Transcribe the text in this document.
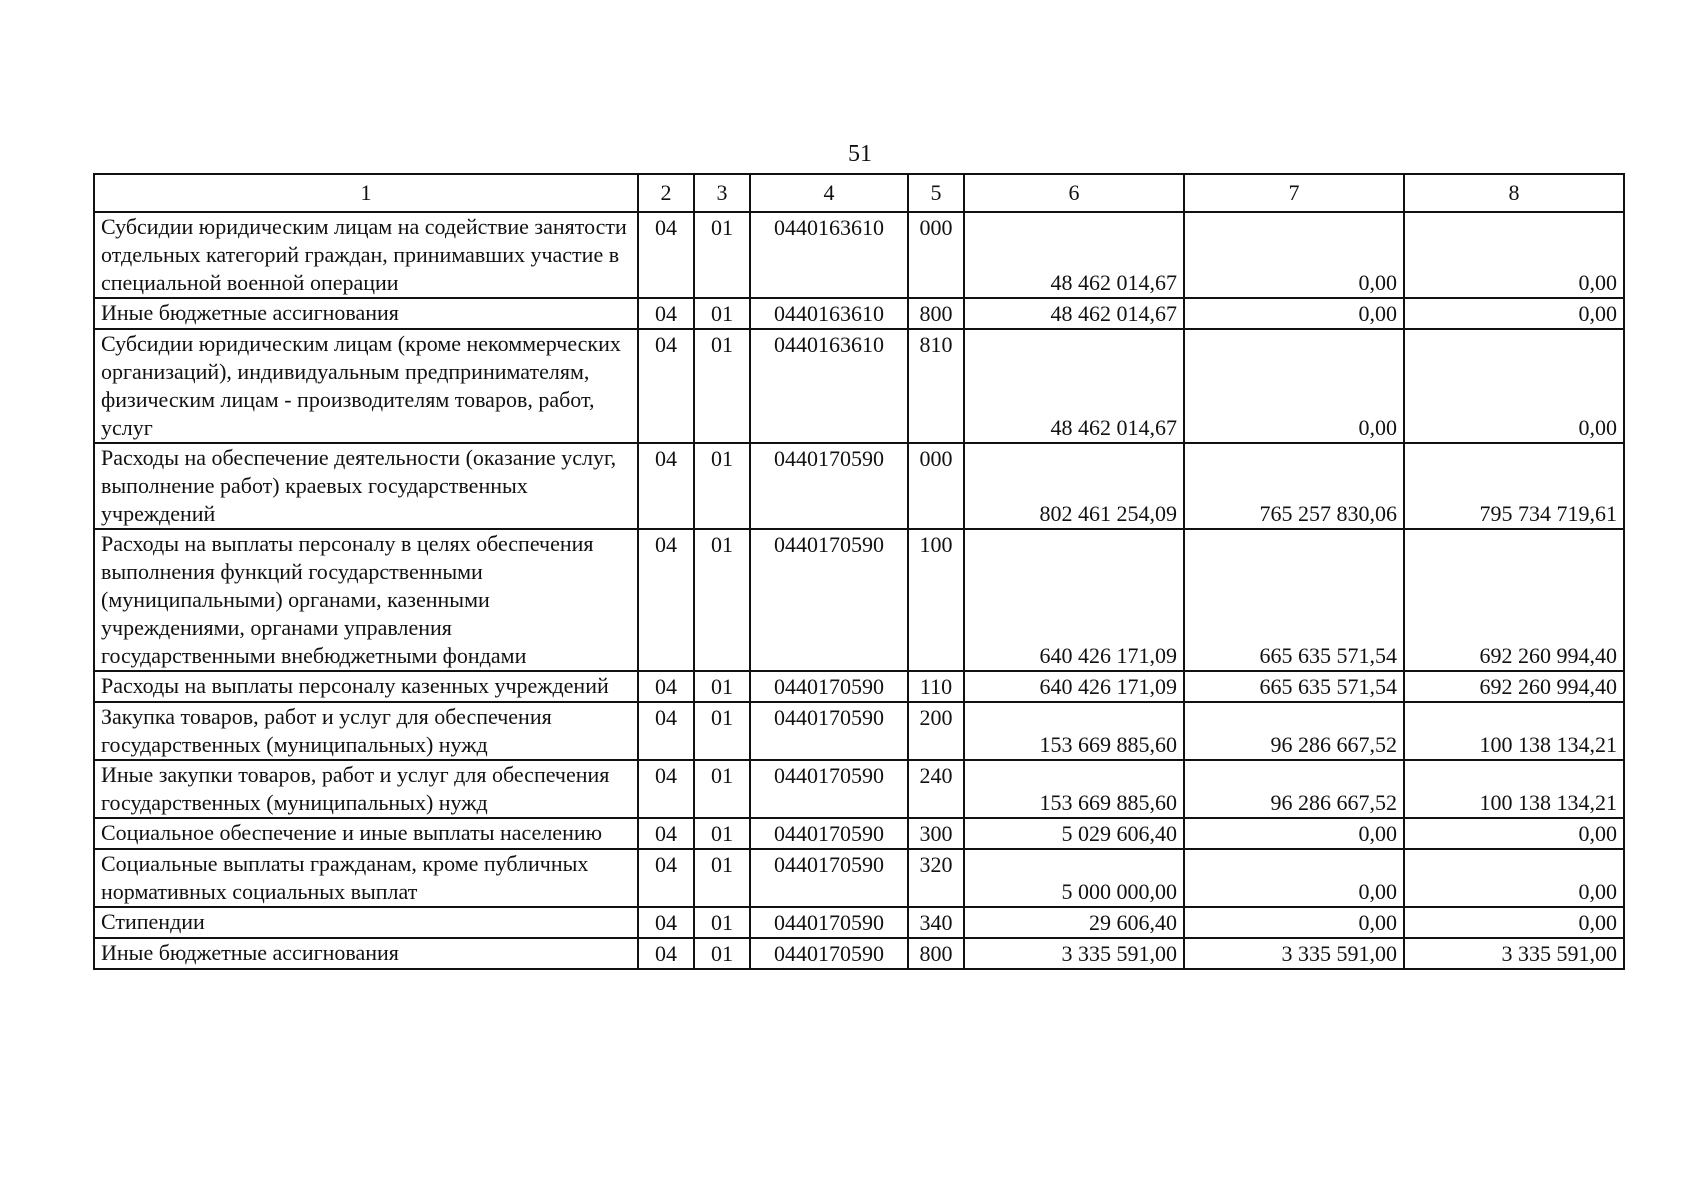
51
1	2	3	4	5	6	7	8
Субсидии юридическим лицам на содействие занятости отдельных категорий граждан, принимавших участие в специальной военной операции	04	01	0440163610	000	48 462 014,67	0,00	0,00
Иные бюджетные ассигнования	04	01	0440163610	800	48 462 014,67	0,00	0,00
Субсидии юридическим лицам (кроме некоммерческих организаций), индивидуальным предпринимателям, физическим лицам - производителям товаров, работ, услуг	04	01	0440163610	810	48 462 014,67	0,00	0,00
Расходы на обеспечение деятельности (оказание услуг, выполнение работ) краевых государственных учреждений	04	01	0440170590	000	802 461 254,09	765 257 830,06	795 734 719,61
Расходы на выплаты персоналу в целях обеспечения выполнения функций государственными (муниципальными) органами, казенными учреждениями, органами управления государственными внебюджетными фондами	04	01	0440170590	100	640 426 171,09	665 635 571,54	692 260 994,40
Расходы на выплаты персоналу казенных учреждений	04	01	0440170590	110	640 426 171,09	665 635 571,54	692 260 994,40
Закупка товаров, работ и услуг для обеспечения государственных (муниципальных) нужд	04	01	0440170590	200	153 669 885,60	96 286 667,52	100 138 134,21
Иные закупки товаров, работ и услуг для обеспечения государственных (муниципальных) нужд	04	01	0440170590	240	153 669 885,60	96 286 667,52	100 138 134,21
Социальное обеспечение и иные выплаты населению	04	01	0440170590	300	5 029 606,40	0,00	0,00
Социальные выплаты гражданам, кроме публичных нормативных социальных выплат	04	01	0440170590	320	5 000 000,00	0,00	0,00
Стипендии	04	01	0440170590	340	29 606,40	0,00	0,00
Иные бюджетные ассигнования	04	01	0440170590	800	3 335 591,00	3 335 591,00	3 335 591,00
